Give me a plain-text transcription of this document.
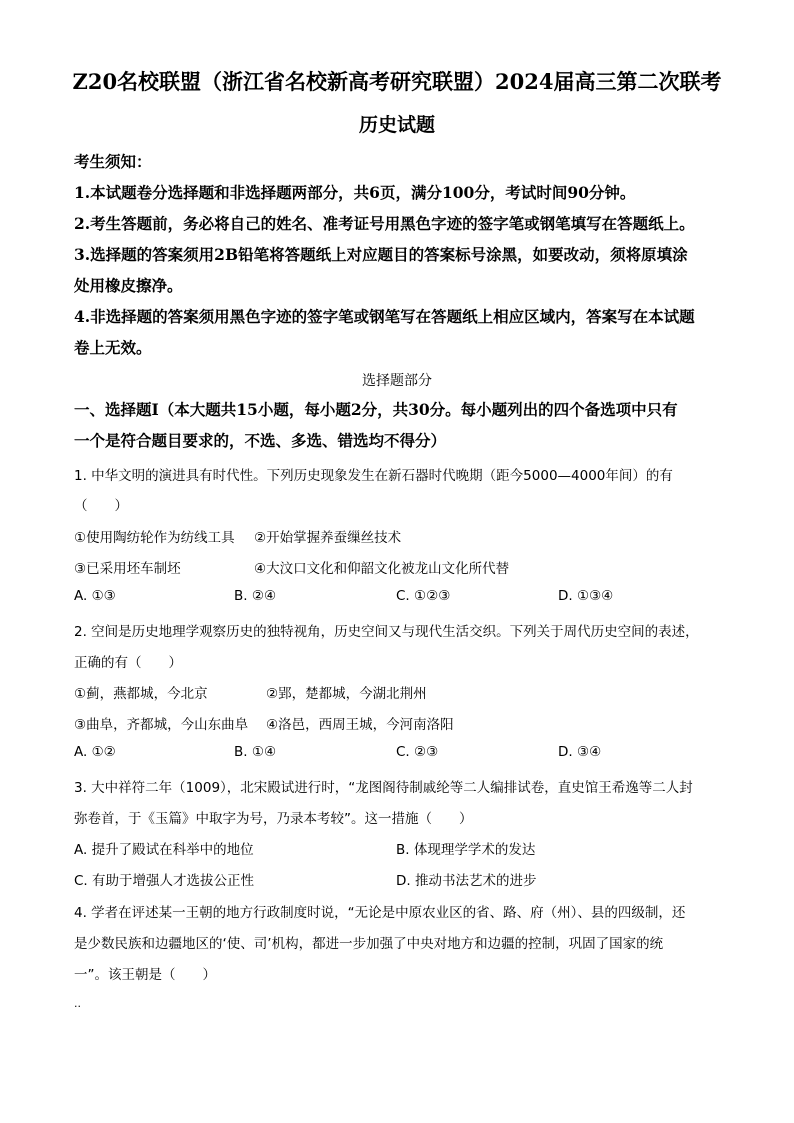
Z20名校联盟（浙江省名校新高考研究联盟）2024届高三第二次联考
历史试题
考生须知：
1.本试题卷分选择题和非选择题两部分，共6页，满分100分，考试时间90分钟。
2.考生答题前，务必将自己的姓名、准考证号用黑色字迹的签字笔或钢笔填写在答题纸上。
3.选择题的答案须用2B铅笔将答题纸上对应题目的答案标号涂黑，如要改动，须将原填涂
处用橡皮擦净。
4.非选择题的答案须用黑色字迹的签字笔或钢笔写在答题纸上相应区域内，答案写在本试题
卷上无效。
选择题部分
一、选择题Ⅰ（本大题共15小题，每小题2分，共30分。每小题列出的四个备选项中只有
一个是符合题目要求的，不选、多选、错选均不得分）
1. 中华文明的演进具有时代性。下列历史现象发生在新石器时代晚期（距今5000—4000年间）的有
（　　）
①使用陶纺轮作为纺线工具 ②开始掌握养蚕缫丝技术
③已采用坯车制坯	④大汶口文化和仰韶文化被龙山文化所代替
A. ①③	B. ②④	C. ①②③	D. ①③④
2. 空间是历史地理学观察历史的独特视角，历史空间又与现代生活交织。下列关于周代历史空间的表述，
正确的有（　　）
①蓟，燕都城，今北京	②郢，楚都城，今湖北荆州
③曲阜，齐都城，今山东曲阜 ④洛邑，西周王城，今河南洛阳
A. ①②	B. ①④	C. ②③	D. ③④
3. 大中祥符二年（1009），北宋殿试进行时，“龙图阁待制戚纶等二人编排试卷，直史馆王希逸等二人封
弥卷首，于《玉篇》中取字为号，乃录本考较”。这一措施（　　）
A. 提升了殿试在科举中的地位	B. 体现理学学术的发达
C. 有助于增强人才选拔公正性	D. 推动书法艺术的进步
4. 学者在评述某一王朝的地方行政制度时说，“无论是中原农业区的省、路、府（州）、县的四级制，还
是少数民族和边疆地区的‘使、司’机构，都进一步加强了中央对地方和边疆的控制，巩固了国家的统
一”。该王朝是（　　）
..
